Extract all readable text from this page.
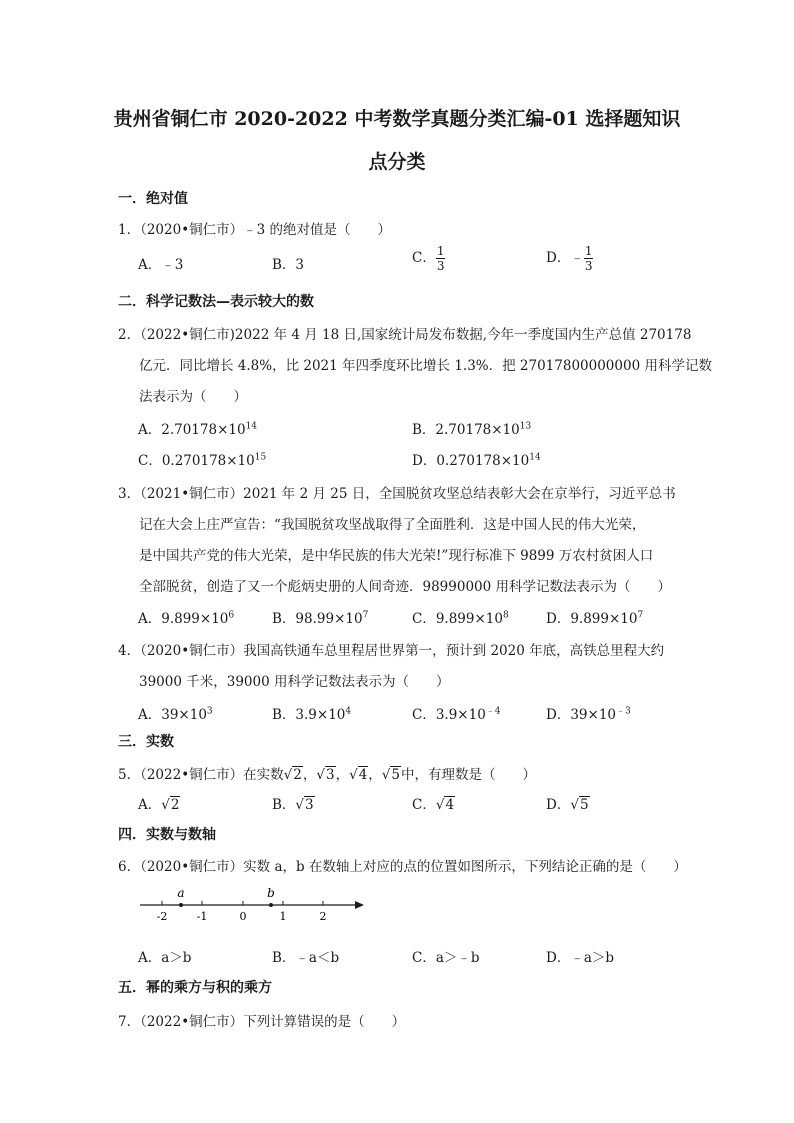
贵州省铜仁市 2020-2022 中考数学真题分类汇编-01 选择题知识
点分类
一．绝对值
1．（2020•铜仁市）﹣3 的绝对值是（　　）
A．﹣3	B．3	C． $\frac{1}{3}$	D．﹣ $\frac{1}{3}$
二．科学记数法—表示较大的数
2．（2022•铜仁市)2022 年 4 月 18 日,国家统计局发布数据,今年一季度国内生产总值 270178
亿元．同比增长 4.8%，比 2021 年四季度环比增长 1.3%．把 27017800000000 用科学记数
法表示为（　　）
A．$2.70178\times 10^{14}$	B．$2.70178\times 10^{13}$
C．$0.270178\times 10^{15}$	D．$0.270178\times 10^{14}$
3．（2021•铜仁市）2021 年 2 月 25 日，全国脱贫攻坚总结表彰大会在京举行，习近平总书
记在大会上庄严宣告：“我国脱贫攻坚战取得了全面胜利．这是中国人民的伟大光荣，
是中国共产党的伟大光荣，是中华民族的伟大光荣!”现行标准下 9899 万农村贫困人口
全部脱贫，创造了又一个彪炳史册的人间奇迹．98990000 用科学记数法表示为（　　）
A．$9.899\times 10^6$	B．$98.99\times 10^7$	C．$9.899\times 10^8$	D．$9.899\times 10^7$
4．（2020•铜仁市）我国高铁通车总里程居世界第一，预计到 2020 年底，高铁总里程大约
39000 千米，39000 用科学记数法表示为（　　）
A．$39\times 10^3$	B．$3.9\times 10^4$	C．$3.9\times 10^{﹣4}$	D．$39\times 10^{﹣3}$
三．实数
5．（2022•铜仁市）在实数√2，√3，√4，√5中，有理数是（　　）
A．√2	B．√3	C．√4	D．√5
四．实数与数轴
6．（2020•铜仁市）实数 a，b 在数轴上对应的点的位置如图所示，下列结论正确的是（　　）
a	b
-2	-1	0	1	2
A．a＞b	B．﹣a＜b	C．a＞﹣b	D．﹣a＞b
五．幂的乘方与积的乘方
7．（2022•铜仁市）下列计算错误的是（　　）
